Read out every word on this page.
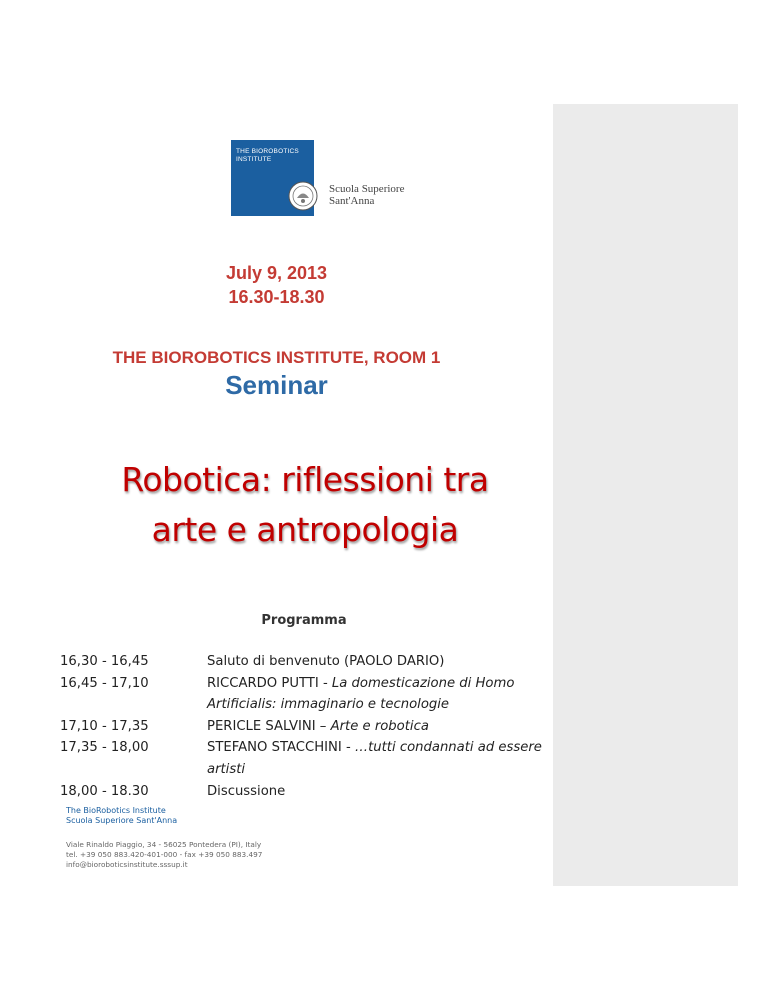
THE BIOROBOTICS
INSTITUTE
Scuola Superiore
Sant'Anna
July 9, 2013
16.30-18.30
THE BIOROBOTICS INSTITUTE, ROOM 1
Seminar
Robotica: riflessioni tra
arte e antropologia
Programma
16,30 - 16,45	Saluto di benvenuto (PAOLO DARIO)
16,45 - 17,10	RICCARDO PUTTI - La domesticazione di Homo Artificialis: immaginario e tecnologie
17,10 - 17,35	PERICLE SALVINI – Arte e robotica
17,35 - 18,00	STEFANO STACCHINI - …tutti condannati ad essere artisti
18,00 - 18.30	Discussione
The BioRobotics Institute
Scuola Superiore Sant'Anna
Viale Rinaldo Piaggio, 34 - 56025 Pontedera (PI), Italy
tel. +39 050 883.420-401-000 - fax +39 050 883.497
info@bioroboticsinstitute.sssup.it
